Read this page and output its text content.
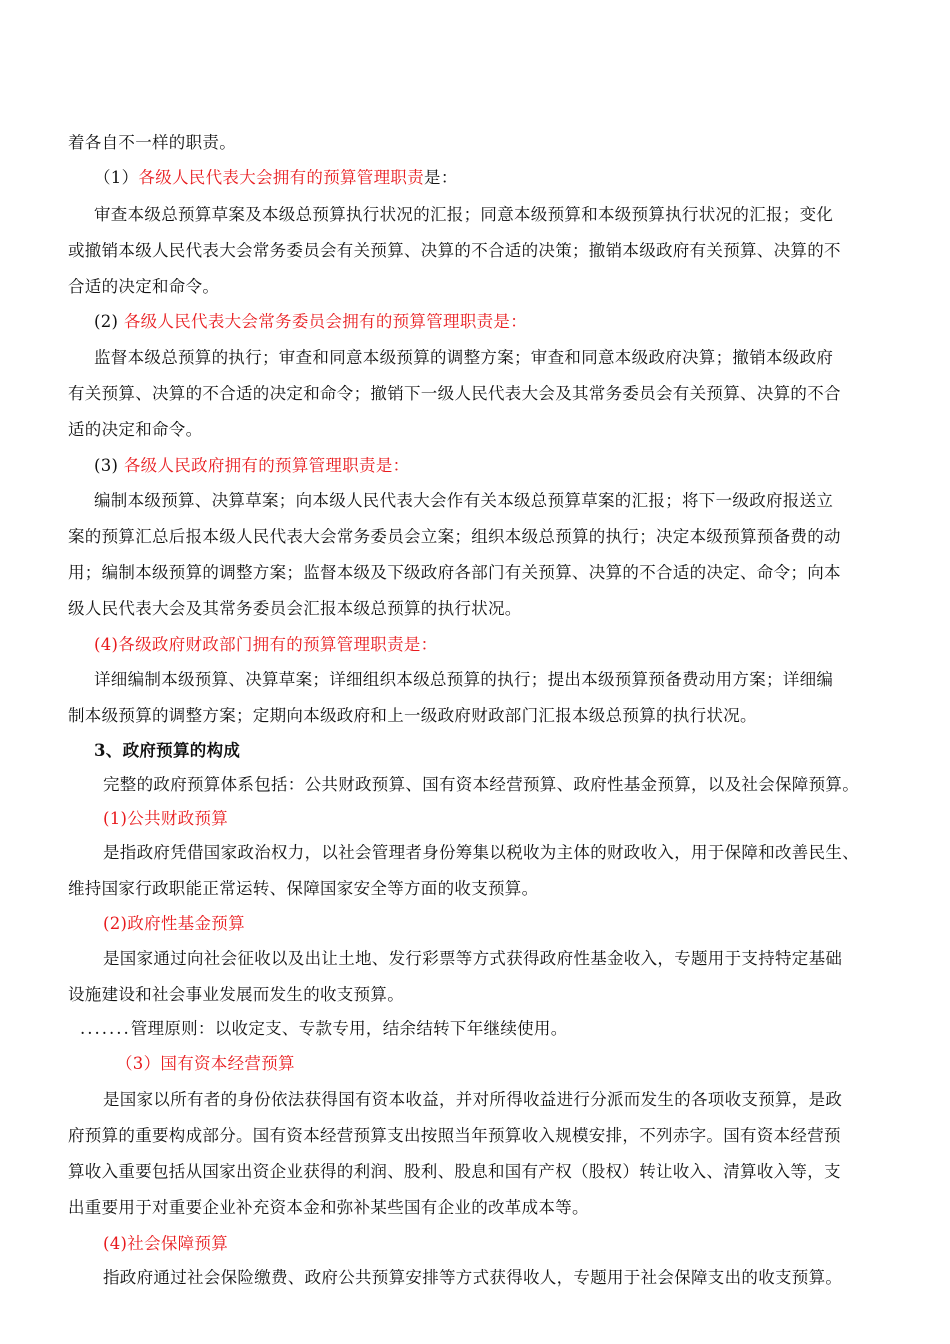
着各自不一样的职责。
（1）各级人民代表大会拥有的预算管理职责是：
审查本级总预算草案及本级总预算执行状况的汇报；同意本级预算和本级预算执行状况的汇报；变化
或撤销本级人民代表大会常务委员会有关预算、决算的不合适的决策；撤销本级政府有关预算、决算的不
合适的决定和命令。
(2) 各级人民代表大会常务委员会拥有的预算管理职责是：
监督本级总预算的执行；审查和同意本级预算的调整方案；审查和同意本级政府决算；撤销本级政府
有关预算、决算的不合适的决定和命令；撤销下一级人民代表大会及其常务委员会有关预算、决算的不合
适的决定和命令。
(3) 各级人民政府拥有的预算管理职责是：
编制本级预算、决算草案；向本级人民代表大会作有关本级总预算草案的汇报；将下一级政府报送立
案的预算汇总后报本级人民代表大会常务委员会立案；组织本级总预算的执行；决定本级预算预备费的动
用；编制本级预算的调整方案；监督本级及下级政府各部门有关预算、决算的不合适的决定、命令；向本
级人民代表大会及其常务委员会汇报本级总预算的执行状况。
(4)各级政府财政部门拥有的预算管理职责是：
详细编制本级预算、决算草案；详细组织本级总预算的执行；提出本级预算预备费动用方案；详细编
制本级预算的调整方案；定期向本级政府和上一级政府财政部门汇报本级总预算的执行状况。
3、政府预算的构成
完整的政府预算体系包括：公共财政预算、国有资本经营预算、政府性基金预算，以及社会保障预算。
(1)公共财政预算
是指政府凭借国家政治权力，以社会管理者身份筹集以税收为主体的财政收入，用于保障和改善民生、
维持国家行政职能正常运转、保障国家安全等方面的收支预算。
(2)政府性基金预算
是国家通过向社会征收以及出让土地、发行彩票等方式获得政府性基金收入，专题用于支持特定基础
设施建设和社会事业发展而发生的收支预算。
.......管理原则：以收定支、专款专用，结余结转下年继续使用。
（3）国有资本经营预算
是国家以所有者的身份依法获得国有资本收益，并对所得收益进行分派而发生的各项收支预算，是政
府预算的重要构成部分。国有资本经营预算支出按照当年预算收入规模安排，不列赤字。国有资本经营预
算收入重要包括从国家出资企业获得的利润、股利、股息和国有产权（股权）转让收入、清算收入等，支
出重要用于对重要企业补充资本金和弥补某些国有企业的改革成本等。
(4)社会保障预算
指政府通过社会保险缴费、政府公共预算安排等方式获得收人，专题用于社会保障支出的收支预算。
